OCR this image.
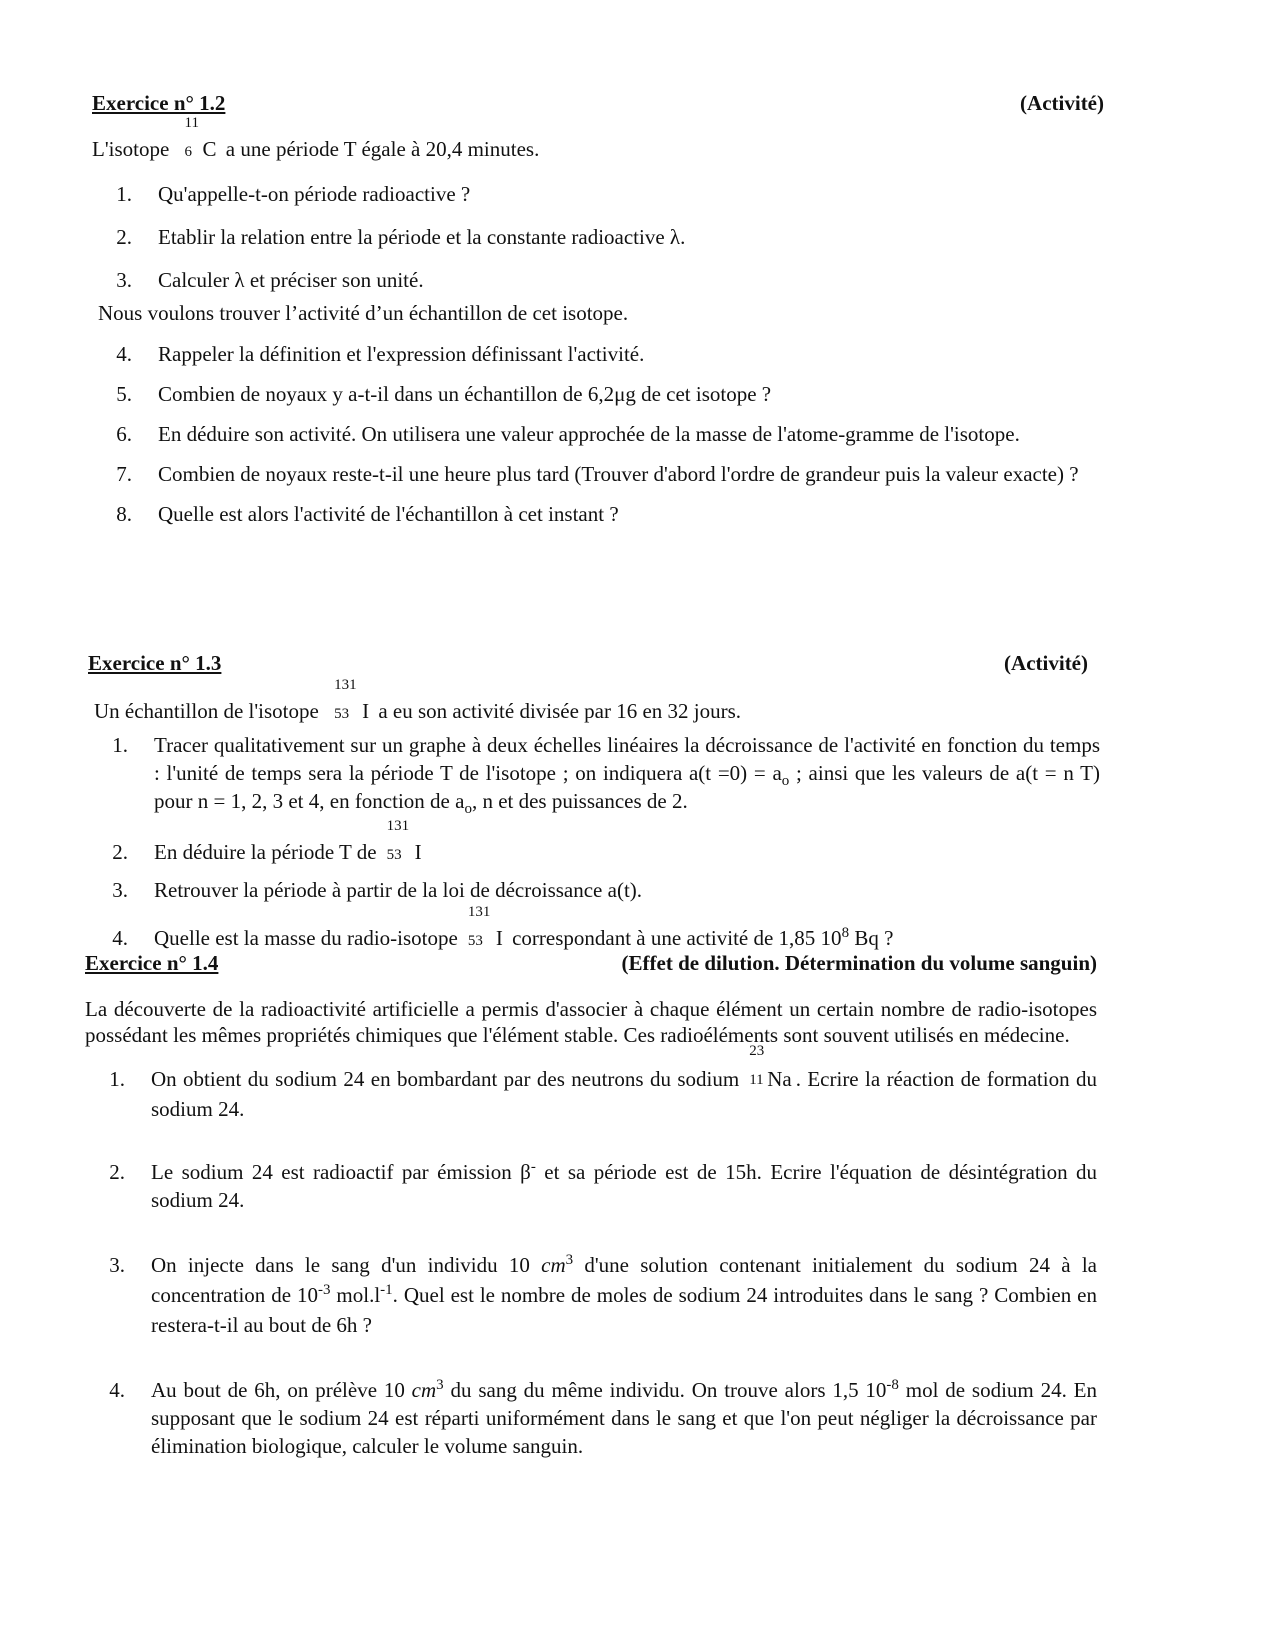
Exercice n° 1.2	(Activité)
L'isotope
11
6 C a une période T égale à 20,4 minutes.
1.	Qu'appelle-t-on période radioactive ?
2.	Etablir la relation entre la période et la constante radioactive λ.
3.	Calculer λ et préciser son unité.
Nous voulons trouver l’activité d’un échantillon de cet isotope.
4.	Rappeler la définition et l'expression définissant l'activité.
5.	Combien de noyaux y a-t-il dans un échantillon de 6,2μg de cet isotope ?
6.	En déduire son activité. On utilisera une valeur approchée de la masse de l'atome-gramme de l'isotope.
7.	Combien de noyaux reste-t-il une heure plus tard (Trouver d'abord l'ordre de grandeur puis la valeur exacte) ?
8.	Quelle est alors l'activité de l'échantillon à cet instant ?
Exercice n° 1.3	(Activité)
Un échantillon de l'isotope
131
53 I a eu son activité divisée par 16 en 32 jours.
1.	Tracer qualitativement sur un graphe à deux échelles linéaires la décroissance de l'activité en fonction du temps : l'unité de temps sera la période T de l'isotope ; on indiquera $a(t =0) = a_o$ ; ainsi que les valeurs de a(t = n T) pour n = 1, 2, 3 et 4, en fonction de $a_o$, n et des puissances de 2.
2.	En déduire la période T de
131
53 I
3.	Retrouver la période à partir de la loi de décroissance a(t).
4.	Quelle est la masse du radio-isotope
131
53 I correspondant à une activité de 1,85 $10^8$ Bq ?
Exercice n° 1.4	(Effet de dilution. Détermination du volume sanguin)
La découverte de la radioactivité artificielle a permis d'associer à chaque élément un certain nombre de radio-isotopes possédant les mêmes propriétés chimiques que l'élément stable. Ces radioéléments sont souvent utilisés en médecine.
1.	On obtient du sodium 24 en bombardant par des neutrons du sodium
23
11 Na . Ecrire la réaction de formation du sodium 24.
2.	Le sodium 24 est radioactif par émission β- et sa période est de 15h. Ecrire l'équation de désintégration du sodium 24.
3.	On injecte dans le sang d'un individu 10 $cm^3$ d'une solution contenant initialement du sodium 24 à la concentration de $10^{-3}$ $mol.l^{-1}$. Quel est le nombre de moles de sodium 24 introduites dans le sang ? Combien en restera-t-il au bout de 6h ?
4.	Au bout de 6h, on prélève 10 $cm^3$ du sang du même individu. On trouve alors 1,5 $10^{-8}$ mol de sodium 24. En supposant que le sodium 24 est réparti uniformément dans le sang et que l'on peut négliger la décroissance par élimination biologique, calculer le volume sanguin.
